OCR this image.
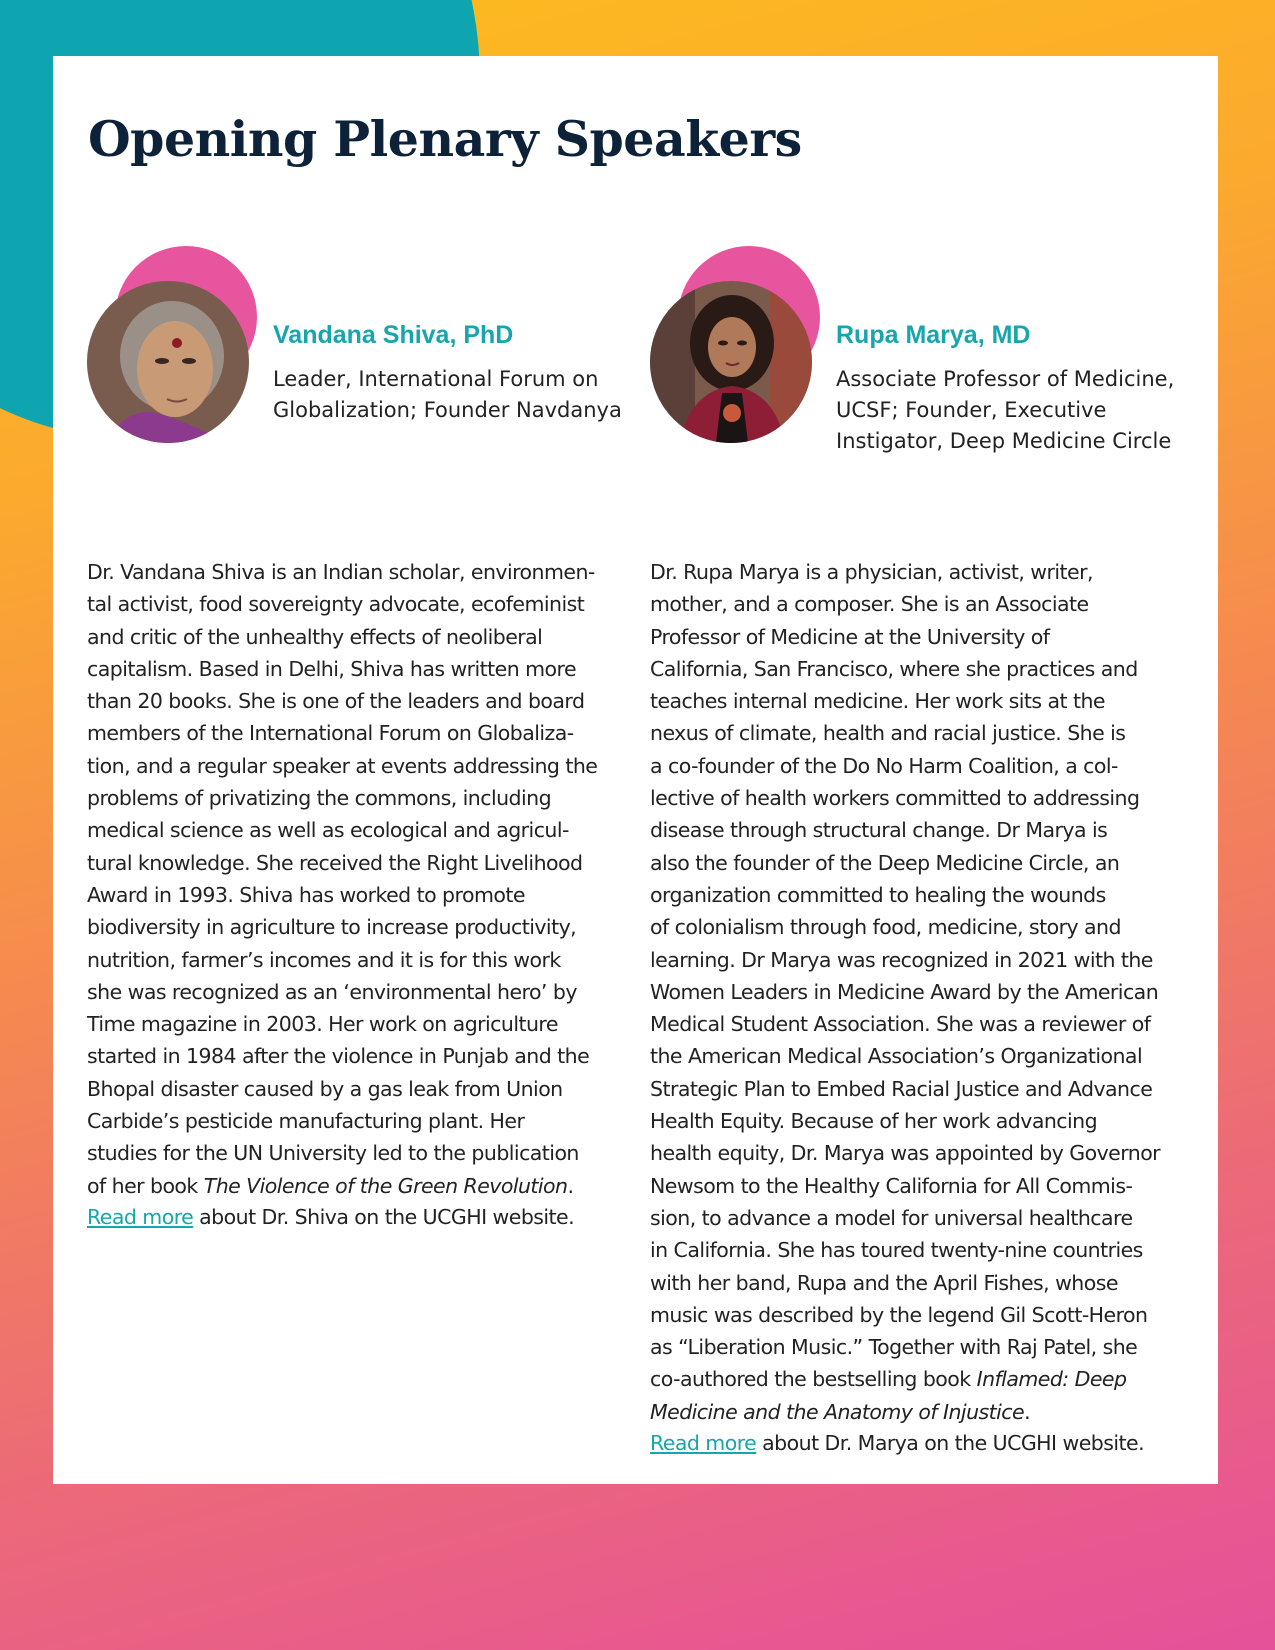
Opening Plenary Speakers
Vandana Shiva, PhD

Leader, International Forum on Globalization; Founder Navdanya

Dr. Vandana Shiva is an Indian scholar, environmen-
tal activist, food sovereignty advocate, ecofeminist
and critic of the unhealthy effects of neoliberal
capitalism. Based in Delhi, Shiva has written more
than 20 books. She is one of the leaders and board
members of the International Forum on Globaliza-
tion, and a regular speaker at events addressing the
problems of privatizing the commons, including
medical science as well as ecological and agricul-
tural knowledge. She received the Right Livelihood
Award in 1993. Shiva has worked to promote
biodiversity in agriculture to increase productivity,
nutrition, farmer’s incomes and it is for this work
she was recognized as an ‘environmental hero’ by
Time magazine in 2003. Her work on agriculture
started in 1984 after the violence in Punjab and the
Bhopal disaster caused by a gas leak from Union
Carbide’s pesticide manufacturing plant. Her
studies for the UN University led to the publication
of her book The Violence of the Green Revolution.

Read more about Dr. Shiva on the UCGHI website.

Rupa Marya, MD

Associate Professor of Medicine, UCSF; Founder, Executive Instigator, Deep Medicine Circle

Dr. Rupa Marya is a physician, activist, writer,
mother, and a composer. She is an Associate
Professor of Medicine at the University of
California, San Francisco, where she practices and
teaches internal medicine. Her work sits at the
nexus of climate, health and racial justice. She is
a co-founder of the Do No Harm Coalition, a col-
lective of health workers committed to addressing
disease through structural change. Dr Marya is
also the founder of the Deep Medicine Circle, an
organization committed to healing the wounds
of colonialism through food, medicine, story and
learning. Dr Marya was recognized in 2021 with the
Women Leaders in Medicine Award by the American
Medical Student Association. She was a reviewer of
the American Medical Association’s Organizational
Strategic Plan to Embed Racial Justice and Advance
Health Equity. Because of her work advancing
health equity, Dr. Marya was appointed by Governor
Newsom to the Healthy California for All Commis-
sion, to advance a model for universal healthcare
in California. She has toured twenty-nine countries
with her band, Rupa and the April Fishes, whose
music was described by the legend Gil Scott-Heron
as “Liberation Music.” Together with Raj Patel, she
co-authored the bestselling book Inflamed: Deep Medicine and the Anatomy of Injustice.

Read more about Dr. Marya on the UCGHI website.
